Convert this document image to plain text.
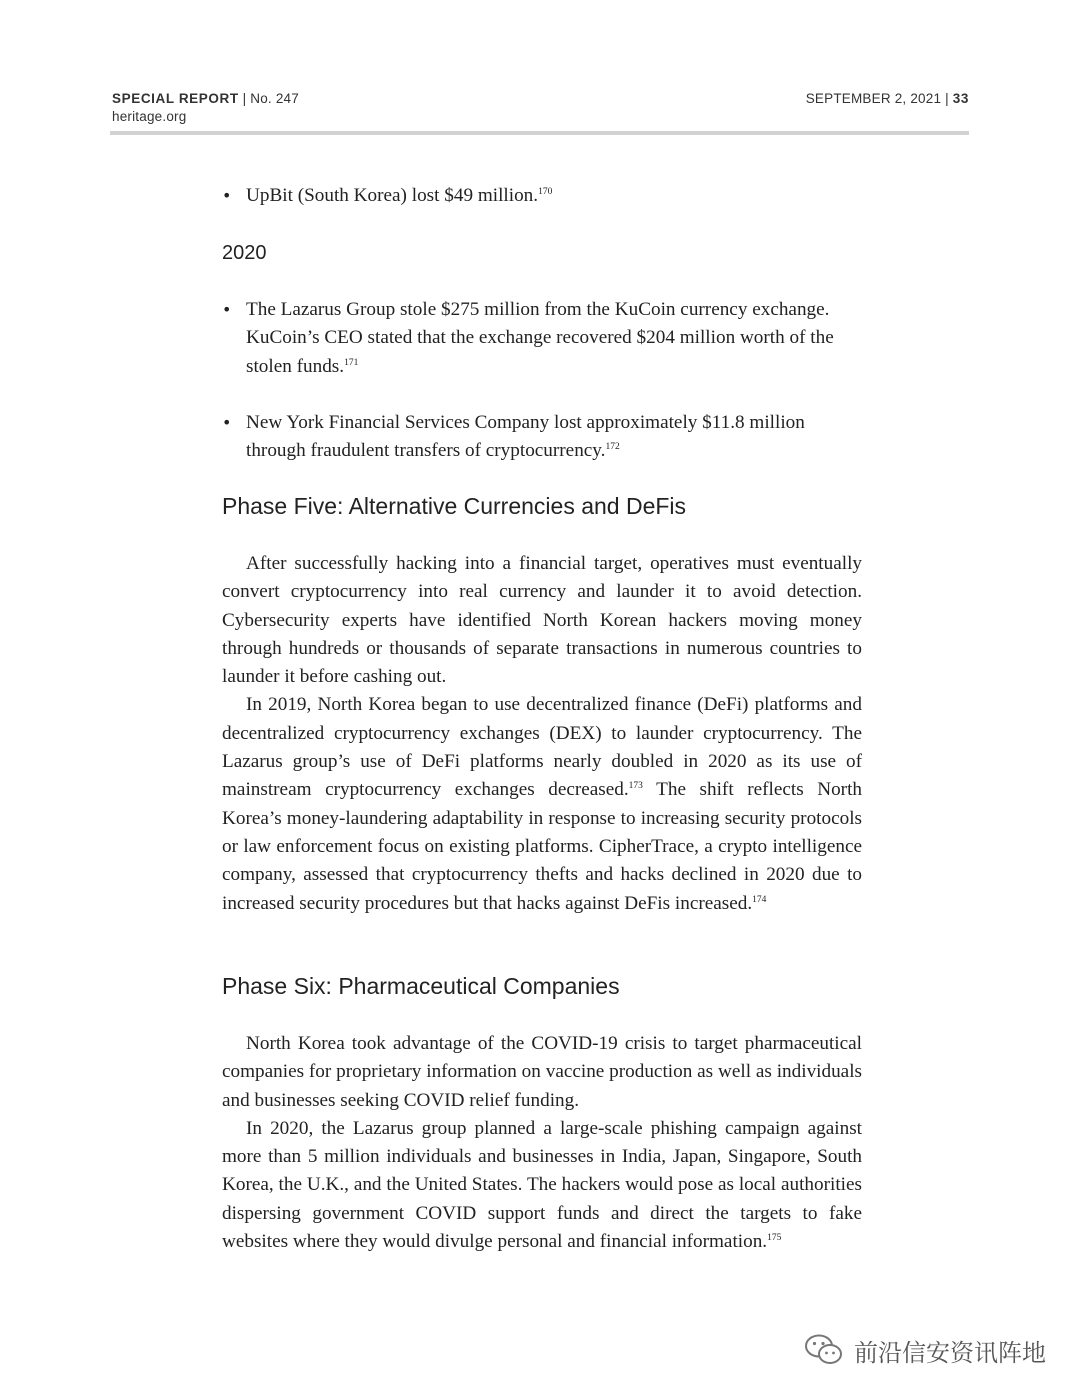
SPECIAL REPORT | No. 247
heritage.org
SEPTEMBER 2, 2021 | 33
• UpBit (South Korea) lost $49 million.$^{170}$
2020
• The Lazarus Group stole $275 million from the KuCoin currency exchange. KuCoin’s CEO stated that the exchange recovered $204 million worth of the stolen funds.$^{171}$
• New York Financial Services Company lost approximately $11.8 million through fraudulent transfers of cryptocurrency.$^{172}$
Phase Five: Alternative Currencies and DeFis

After successfully hacking into a financial target, operatives must eventually convert cryptocurrency into real currency and launder it to avoid detection. Cybersecurity experts have identified North Korean hackers moving money through hundreds or thousands of separate transactions in numerous countries to launder it before cashing out.

In 2019, North Korea began to use decentralized finance (DeFi) platforms and decentralized cryptocurrency exchanges (DEX) to launder cryptocurrency. The Lazarus group’s use of DeFi platforms nearly doubled in 2020 as its use of mainstream cryptocurrency exchanges decreased.$^{173}$ The shift reflects North Korea’s money-laundering adaptability in response to increasing security protocols or law enforcement focus on existing platforms. CipherTrace, a crypto intelligence company, assessed that cryptocurrency thefts and hacks declined in 2020 due to increased security procedures but that hacks against DeFis increased.$^{174}$

Phase Six: Pharmaceutical Companies

North Korea took advantage of the COVID-19 crisis to target pharmaceutical companies for proprietary information on vaccine production as well as individuals and businesses seeking COVID relief funding.

In 2020, the Lazarus group planned a large-scale phishing campaign against more than 5 million individuals and businesses in India, Japan, Singapore, South Korea, the U.K., and the United States. The hackers would pose as local authorities dispersing government COVID support funds and direct the targets to fake websites where they would divulge personal and financial information.$^{175}$

前沿信安资讯阵地
